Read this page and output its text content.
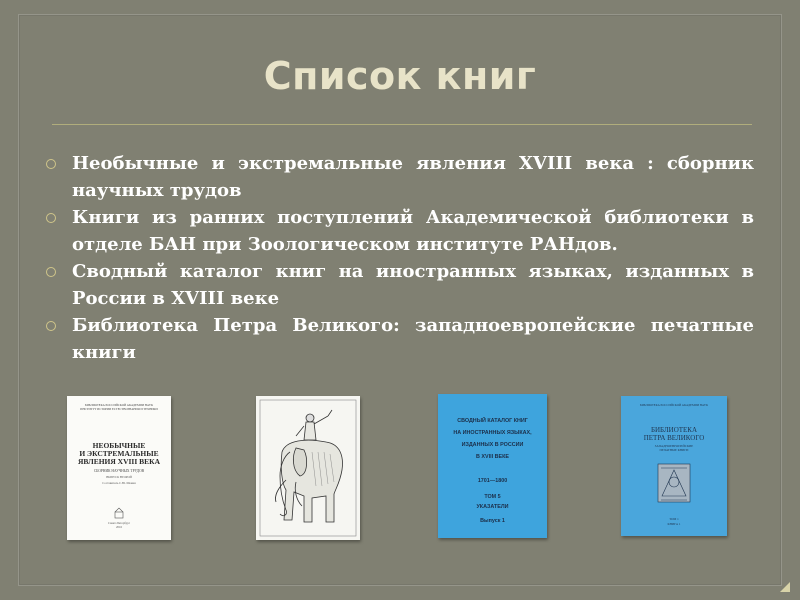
Список книг
Необычные и экстремальные явления XVIII века : сборник научных трудов
Книги из ранних поступлений Академической библиотеки в отделе БАН при Зоологическом институте РАНдов.
Сводный каталог книг на иностранных языках, изданных в России в XVIII веке
Библиотека Петра Великого: западноевропейские печатные книги
БИБЛИОТЕКА РОССИЙСКОЙ АКАДЕМИИ НАУК
ИНСТИТУТ ИСТОРИИ ЕСТЕСТВОЗНАНИЯ И ТЕХНИКИ
НЕОБЫЧНЫЕ
И ЭКСТРЕМАЛЬНЫЕ
ЯВЛЕНИЯ XVIII ВЕКА
СБОРНИК НАУЧНЫХ ТРУДОВ
ВЫПУСК ВТОРОЙ
Составитель С.Ю. Шокин
Санкт-Петербург
2016
СВОДНЫЙ КАТАЛОГ КНИГ
НА ИНОСТРАННЫХ ЯЗЫКАХ,
ИЗДАННЫХ В РОССИИ
В XVIII ВЕКЕ
1701—1800
ТОМ 5
УКАЗАТЕЛИ
Выпуск 1
БИБЛИОТЕКА РОССИЙСКОЙ АКАДЕМИИ НАУК
БИБЛИОТЕКА
ПЕТРА ВЕЛИКОГО
ЗАПАДНОЕВРОПЕЙСКИЕ
ПЕЧАТНЫЕ КНИГИ
ТОМ 1
КНИГА 1
